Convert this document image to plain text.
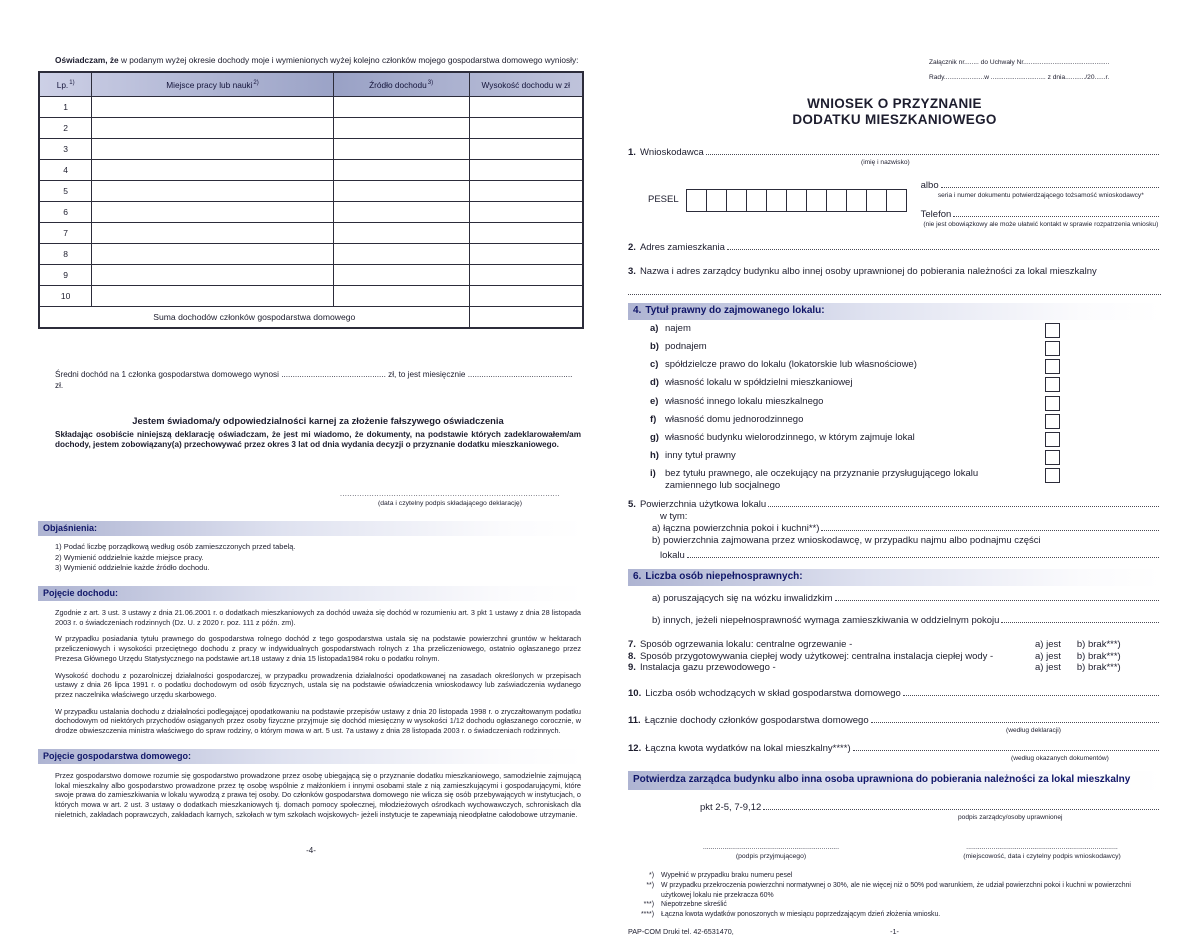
Oświadczam, że w podanym wyżej okresie dochody moje i wymienionych wyżej kolejno członków mojego gospodarstwa domowego wyniosły:
Lp.$^{1)}$	Miejsce pracy lub nauki$^{2)}$	Źródło dochodu$^{3)}$	Wysokość dochodu w zł
1			
2			
3			
4			
5			
6			
7			
8			
9			
10			
Suma dochodów członków gospodarstwa domowego			
Średni dochód na 1 członka gospodarstwa domowego wynosi .............................................. zł, to jest miesięcznie .............................................. zł.
Jestem świadoma/y odpowiedzialności karnej za złożenie fałszywego oświadczenia
Składając osobiście niniejszą deklarację oświadczam, że jest mi wiadomo, że dokumenty, na podstawie których zadeklarowałem/am dochody, jestem zobowiązany(a) przechowywać przez okres 3 lat od dnia wydania decyzji o przyznanie dodatku mieszkaniowego.
..........................................................................................
(data i czytelny podpis składającego deklarację)
Objaśnienia:
1) Podać liczbę porządkową według osób zamieszczonych przed tabelą.
2) Wymienić oddzielnie każde miejsce pracy.
3) Wymienić oddzielnie każde źródło dochodu.
Pojęcie dochodu:
Zgodnie z art. 3 ust. 3 ustawy z dnia 21.06.2001 r. o dodatkach mieszkaniowych za dochód uważa się dochód w rozumieniu art. 3 pkt 1 ustawy z dnia 28 listopada 2003 r. o świadczeniach rodzinnych (Dz. U. z 2020 r. poz. 111 z późn. zm).
W przypadku posiadania tytułu prawnego do gospodarstwa rolnego dochód z tego gospodarstwa ustala się na podstawie powierzchni gruntów w hektarach przeliczeniowych i wysokości przeciętnego dochodu z pracy w indywidualnych gospodarstwach rolnych z 1ha przeliczeniowego, ostatnio ogłaszanego przez Prezesa Głównego Urzędu Statystycznego na podstawie art.18 ustawy z dnia 15 listopada1984 roku o podatku rolnym.
Wysokość dochodu z pozarolniczej działalności gospodarczej, w przypadku prowadzenia działalności opodatkowanej na zasadach określonych w przepisach ustawy z dnia 26 lipca 1991 r. o podatku dochodowym od osób fizycznych, ustala się na podstawie oświadczenia wnioskodawcy lub zaświadczenia wydanego przez naczelnika właściwego urzędu skarbowego.
W przypadku ustalania dochodu z działalności podlegającej opodatkowaniu na podstawie przepisów ustawy z dnia 20 listopada 1998 r. o zryczałtowanym podatku dochodowym od niektórych przychodów osiąganych przez osoby fizyczne przyjmuje się dochód miesięczny w wysokości 1/12 dochodu ogłaszanego corocznie, w drodze obwieszczenia ministra właściwego do spraw rodziny, o którym mowa w art. 5 ust. 7a ustawy z dnia 28 listopada 2003 r. o świadczeniach rodzinnych.
Pojęcie gospodarstwa domowego:
Przez gospodarstwo domowe rozumie się gospodarstwo prowadzone przez osobę ubiegającą się o przyznanie dodatku mieszkaniowego, samodzielnie zajmującą lokal mieszkalny albo gospodarstwo prowadzone przez tę osobę wspólnie z małżonkiem i innymi osobami stale z nią zamieszkującymi i gospodarującymi, które swoje prawa do zamieszkiwania w lokalu wywodzą z prawa tej osoby. Do członków gospodarstwa domowego nie wlicza się osób przebywających w instytucjach, o których mowa w art. 2 ust. 3 ustawy o dodatkach mieszkaniowych tj. domach pomocy społecznej, młodzieżowych ośrodkach wychowawczych, schroniskach dla nieletnich, zakładach poprawczych, zakładach karnych, szkołach w tym szkołach wojskowych- jeżeli instytucje te zapewniają nieodpłatne całodobowe utrzymanie.
-4-
Załącznik nr........ do Uchwały Nr...............................................
Rady......................w .............................. z dnia.........../20......r.
WNIOSEK O PRZYZNANIE
DODATKU MIESZKANIOWEGO
1. Wnioskodawca
(imię i nazwisko)
PESEL
albo
seria i numer dokumentu potwierdzającego tożsamość wnioskodawcy*
Telefon
(nie jest obowiązkowy ale może ułatwić kontakt w sprawie rozpatrzenia wniosku)
2. Adres zamieszkania
3. Nazwa i adres zarządcy budynku albo innej osoby uprawnionej do pobierania należności za lokal mieszkalny
4. Tytuł prawny do zajmowanego lokalu:
a) najem
b) podnajem
c) spółdzielcze prawo do lokalu (lokatorskie lub własnościowe)
d) własność lokalu w spółdzielni mieszkaniowej
e) własność innego lokalu mieszkalnego
f) własność domu jednorodzinnego
g) własność budynku wielorodzinnego, w którym zajmuje lokal
h) inny tytuł prawny
i) bez tytułu prawnego, ale oczekujący na przyznanie przysługującego lokalu zamiennego lub socjalnego
5. Powierzchnia użytkowa lokalu
w tym:
a) łączna powierzchnia pokoi i kuchni**)
b) powierzchnia zajmowana przez wnioskodawcę, w przypadku najmu albo podnajmu części
lokalu
6. Liczba osób niepełnosprawnych:
a) poruszających się na wózku inwalidzkim
b) innych, jeżeli niepełnosprawność wymaga zamieszkiwania w oddzielnym pokoju
7. Sposób ogrzewania lokalu: centralne ogrzewanie -	a) jest b) brak***)
8. Sposób przygotowywania ciepłej wody użytkowej: centralna instalacja ciepłej wody -	a) jest b) brak***)
9. Instalacja gazu przewodowego -	a) jest b) brak***)
10. Liczba osób wchodzących w skład gospodarstwa domowego
11. Łącznie dochody członków gospodarstwa domowego
(według deklaracji)
12. Łączna kwota wydatków na lokal mieszkalny****)
(według okazanych dokumentów)
Potwierdza zarządca budynku albo inna osoba uprawniona do pobierania należności za lokal mieszkalny
pkt 2-5, 7-9,12
podpis zarządcy/osoby uprawnionej
......................................................................
(podpis przyjmującego)
..............................................................................
(miejscowość, data i czytelny podpis wnioskodawcy)
*) Wypełnić w przypadku braku numeru pesel
**) W przypadku przekroczenia powierzchni normatywnej o 30%, ale nie więcej niż o 50% pod warunkiem, że udział powierzchni pokoi i kuchni w powierzchni użytkowej lokalu nie przekracza 60%
***) Niepotrzebne skreślić
****) Łączna kwota wydatków ponoszonych w miesiącu poprzedzającym dzień złożenia wniosku.
PAP-COM Druki tel. 42-6531470,	-1-
